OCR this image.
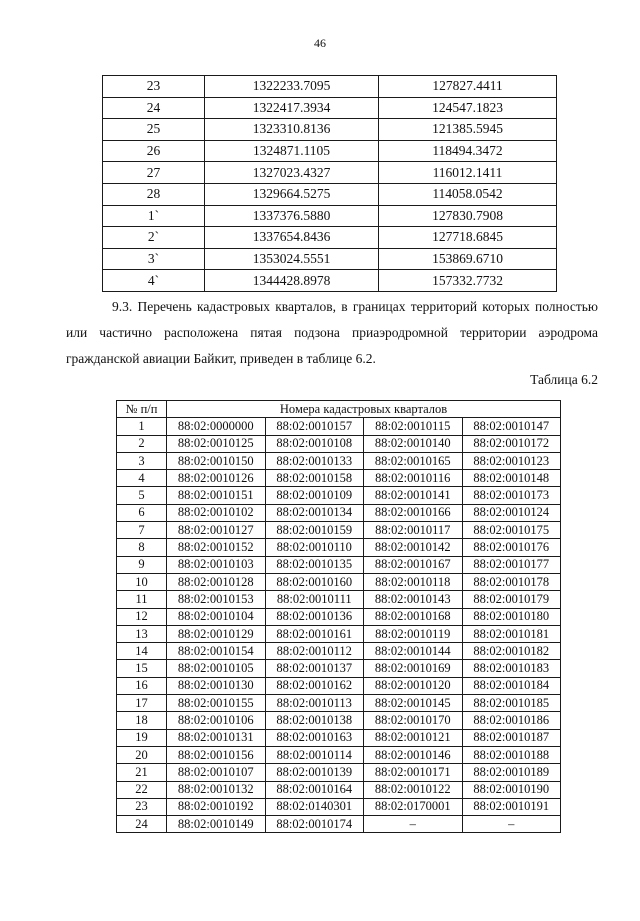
46
23	1322233.7095	127827.4411
24	1322417.3934	124547.1823
25	1323310.8136	121385.5945
26	1324871.1105	118494.3472
27	1327023.4327	116012.1411
28	1329664.5275	114058.0542
1`	1337376.5880	127830.7908
2`	1337654.8436	127718.6845
3`	1353024.5551	153869.6710
4`	1344428.8978	157332.7732

9.3. Перечень кадастровых кварталов, в границах территорий которых полностью или частично расположена пятая подзона приаэродромной территории аэродрома гражданской авиации Байкит, приведен в таблице 6.2.

Таблица 6.2
№ п/п	Номера кадастровых кварталов			
1	88:02:0000000	88:02:0010157	88:02:0010115	88:02:0010147
2	88:02:0010125	88:02:0010108	88:02:0010140	88:02:0010172
3	88:02:0010150	88:02:0010133	88:02:0010165	88:02:0010123
4	88:02:0010126	88:02:0010158	88:02:0010116	88:02:0010148
5	88:02:0010151	88:02:0010109	88:02:0010141	88:02:0010173
6	88:02:0010102	88:02:0010134	88:02:0010166	88:02:0010124
7	88:02:0010127	88:02:0010159	88:02:0010117	88:02:0010175
8	88:02:0010152	88:02:0010110	88:02:0010142	88:02:0010176
9	88:02:0010103	88:02:0010135	88:02:0010167	88:02:0010177
10	88:02:0010128	88:02:0010160	88:02:0010118	88:02:0010178
11	88:02:0010153	88:02:0010111	88:02:0010143	88:02:0010179
12	88:02:0010104	88:02:0010136	88:02:0010168	88:02:0010180
13	88:02:0010129	88:02:0010161	88:02:0010119	88:02:0010181
14	88:02:0010154	88:02:0010112	88:02:0010144	88:02:0010182
15	88:02:0010105	88:02:0010137	88:02:0010169	88:02:0010183
16	88:02:0010130	88:02:0010162	88:02:0010120	88:02:0010184
17	88:02:0010155	88:02:0010113	88:02:0010145	88:02:0010185
18	88:02:0010106	88:02:0010138	88:02:0010170	88:02:0010186
19	88:02:0010131	88:02:0010163	88:02:0010121	88:02:0010187
20	88:02:0010156	88:02:0010114	88:02:0010146	88:02:0010188
21	88:02:0010107	88:02:0010139	88:02:0010171	88:02:0010189
22	88:02:0010132	88:02:0010164	88:02:0010122	88:02:0010190
23	88:02:0010192	88:02:0140301	88:02:0170001	88:02:0010191
24	88:02:0010149	88:02:0010174	–	–
